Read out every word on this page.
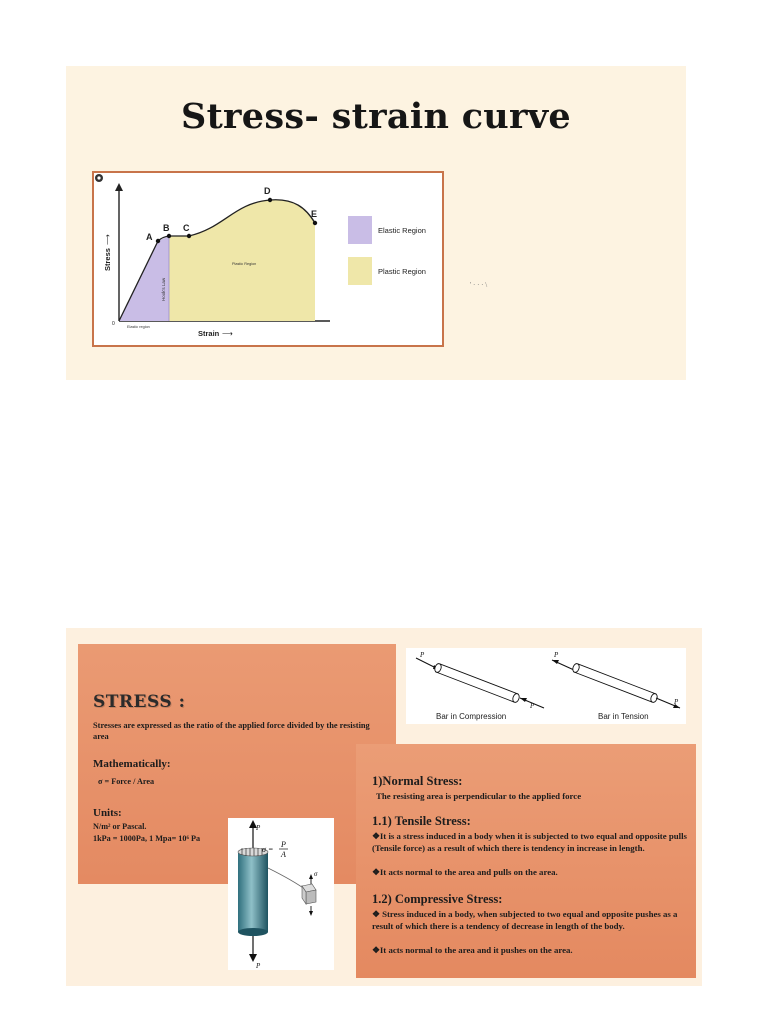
Stress- strain curve
A
B C
D
E
Stress
⟶
0
Strain ⟶
Hook's Law
Elastic region
Plastic Region
Elastic Region
Plastic Region
' · · · \
STRESS :
Stresses are expressed as the ratio of the applied force divided by the resisting area
Mathematically:
σ = Force / Area
Units:
N/m² or Pascal.
1kPa = 1000Pa, 1 Mpa= 10⁶ Pa
P
P
P
P
Bar in Compression	Bar in Tension
1)Normal Stress:
The resisting area is perpendicular to the applied force
1.1) Tensile Stress:
❖It is a stress induced in a body when it is subjected to two equal and opposite pulls (Tensile force) as a result of which there is tendency in increase in length.
❖It acts normal to the area and pulls on the area.
1.2) Compressive Stress:
❖ Stress induced in a body, when subjected to two equal and opposite pushes as a result of which there is a tendency of decrease in length of the body.
❖It acts normal to the area and it pushes on the area.
P
P
σ =
P
A
σ
